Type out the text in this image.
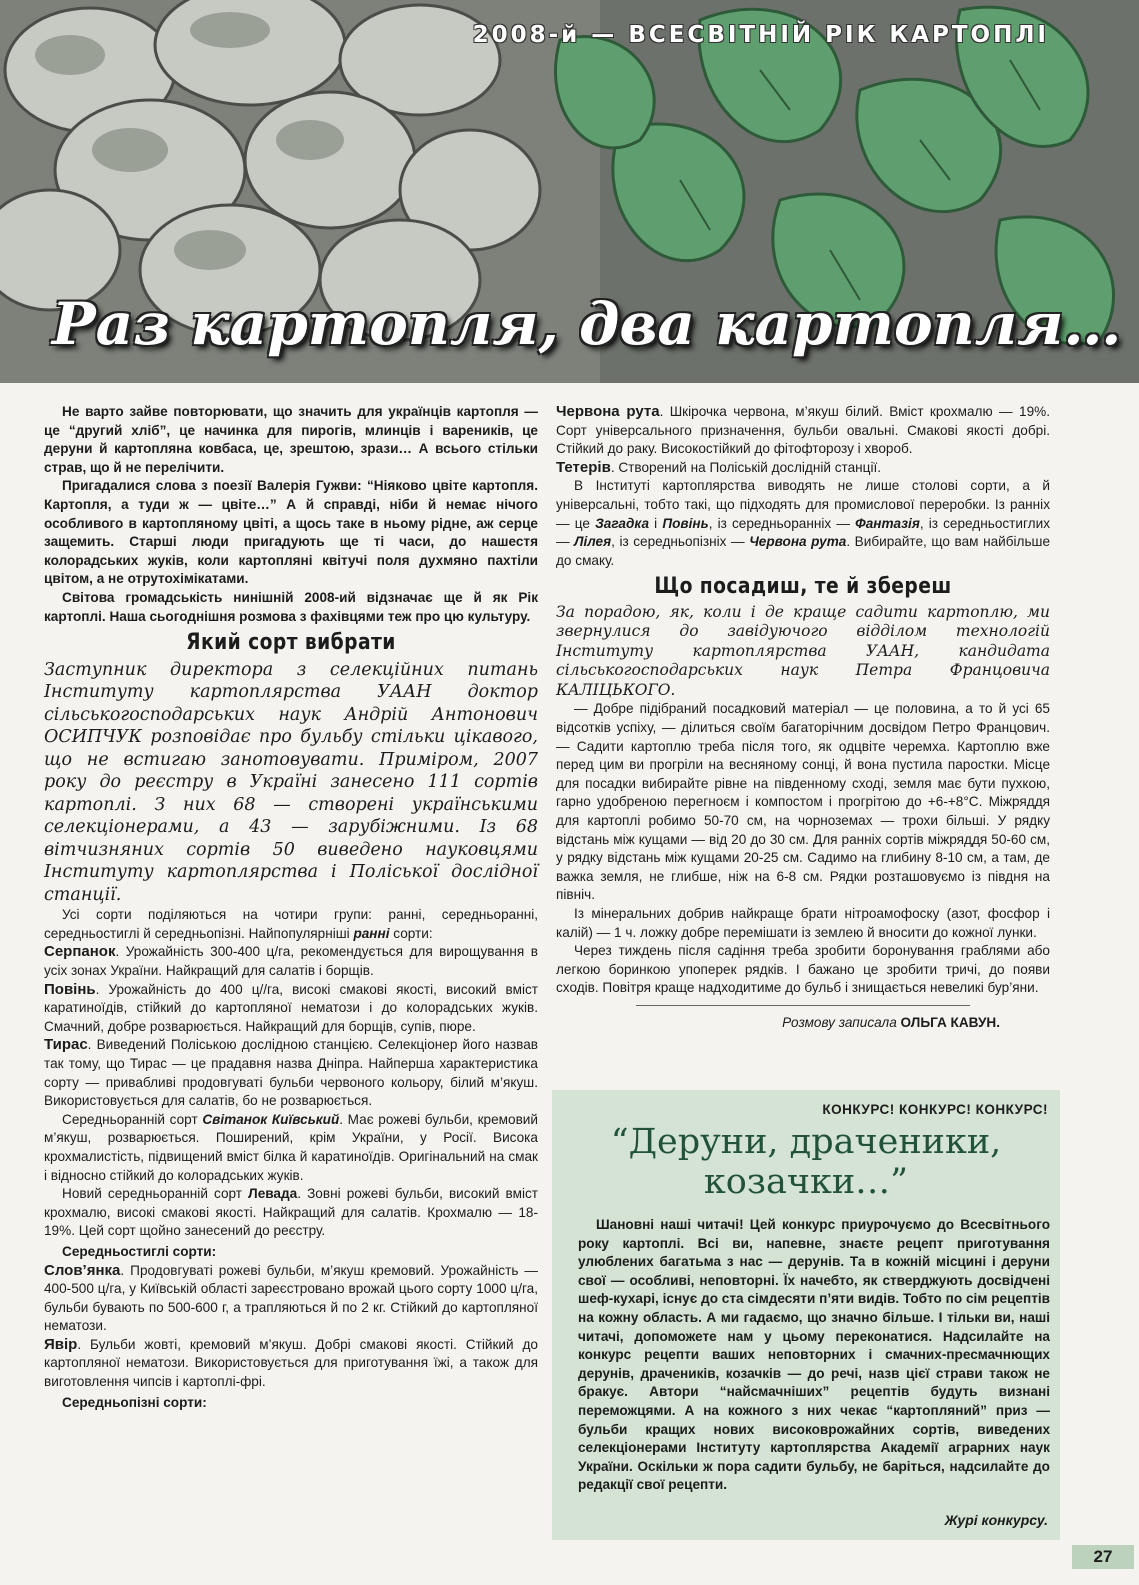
2008-й — ВСЕСВІТНІЙ РІК КАРТОПЛІ
Раз картопля, два картопля…

Не варто зайве повторювати, що значить для українців картопля — це “другий хліб”, це начинка для пирогів, млинців і вареників, це деруни й картопляна ковбаса, це, зрештою, зрази… А всього стільки страв, що й не перелічити.

Пригадалися слова з поезії Валерія Гужви: “Ніяково цвіте картопля. Картопля, а туди ж — цвіте…” А й справді, ніби й немає нічого особливого в картопляному цвіті, а щось таке в ньому рідне, аж серце защемить. Старші люди пригадують ще ті часи, до нашестя колорадських жуків, коли картопляні квітучі поля духмяно пахтіли цвітом, а не отрутохімікатами.

Світова громадськість нинішній 2008-ий відзначає ще й як Рік картоплі. Наша сьогоднішня розмова з фахівцями теж про цю культуру.

Який сорт вибрати

Заступник директора з селекційних питань Інституту картоплярства УААН доктор сільськогосподарських наук Андрій Антонович ОСИПЧУК розповідає про бульбу стільки цікавого, що не встигаю занотовувати. Приміром, 2007 року до реєстру в Україні занесено 111 сортів картоплі. З них 68 — створені українськими селекціонерами, а 43 — зарубіжними. Із 68 вітчизняних сортів 50 виведено науковцями Інституту картоплярства і Поліської дослідної станції.

Усі сорти поділяються на чотири групи: ранні, середньоранні, середньостиглі й середньопізні. Найпопулярніші ранні сорти:

Серпанок. Урожайність 300-400 ц/га, рекомендується для вирощування в усіх зонах України. Найкращий для салатів і борщів.

Повінь. Урожайність до 400 ц//га, високі смакові якості, високий вміст каратиноїдів, стійкий до картопляної нематози і до колорадських жуків. Смачний, добре розварюється. Найкращий для борщів, супів, пюре.

Тирас. Виведений Поліською дослідною станцією. Селекціонер його назвав так тому, що Тирас — це прадавня назва Дніпра. Найперша характеристика сорту — привабливі продовгуваті бульби червоного кольору, білий м’якуш. Використовується для салатів, бо не розварюється.

Середньоранній сорт Світанок Київський. Має рожеві бульби, кремовий м’якуш, розварюється. Поширений, крім України, у Росії. Висока крохмалистість, підвищений вміст білка й каратиноїдів. Оригінальний на смак і відносно стійкий до колорадських жуків.

Новий середньоранній сорт Левада. Зовні рожеві бульби, високий вміст крохмалю, високі смакові якості. Найкращий для салатів. Крохмалю — 18-19%. Цей сорт щойно занесений до реєстру.

Середньостиглі сорти:

Слов’янка. Продовгуваті рожеві бульби, м’якуш кремовий. Урожайність — 400-500 ц/га, у Київській області зареєстровано врожай цього сорту 1000 ц/га, бульби бувають по 500-600 г, а трапляються й по 2 кг. Стійкий до картопляної нематози.

Явір. Бульби жовті, кремовий м’якуш. Добрі смакові якості. Стійкий до картопляної нематози. Використовується для приготування їжі, а також для виготовлення чипсів і картоплі-фрі.

Середньопізні сорти:

Червона рута. Шкірочка червона, м’якуш білий. Вміст крохмалю — 19%. Сорт універсального призначення, бульби овальні. Смакові якості добрі. Стійкий до раку. Високостійкий до фітофторозу і хвороб.

Тетерів. Створений на Поліській дослідній станції.

В Інституті картоплярства виводять не лише столові сорти, а й універсальні, тобто такі, що підходять для промислової переробки. Із ранніх — це Загадка і Повінь, із середньоранніх — Фантазія, із середньостиглих — Лілея, із середньопізніх — Червона рута. Вибирайте, що вам найбільше до смаку.

Що посадиш, те й збереш

За порадою, як, коли і де краще садити картоплю, ми звернулися до завідуючого відділом технологій Інституту картоплярства УААН, кандидата сільськогосподарських наук Петра Францовича КАЛІЦЬКОГО.

— Добре підібраний посадковий матеріал — це половина, а то й усі 65 відсотків успіху, — ділиться своїм багаторічним досвідом Петро Францович. — Садити картоплю треба після того, як одцвіте черемха. Картоплю вже перед цим ви прогріли на весняному сонці, й вона пустила паростки. Місце для посадки вибирайте рівне на південному сході, земля має бути пухкою, гарно удобреною перегноєм і компостом і прогрітою до +6-+8°С. Міжряддя для картоплі робимо 50-70 см, на чорноземах — трохи більші. У рядку відстань між кущами — від 20 до 30 см. Для ранніх сортів міжряддя 50-60 см, у рядку відстань між кущами 20-25 см. Садимо на глибину 8-10 см, а там, де важка земля, не глибше, ніж на 6-8 см. Рядки розташовуємо із півдня на північ.

Із мінеральних добрив найкраще брати нітроамофоску (азот, фосфор і калій) — 1 ч. ложку добре перемішати із землею й вносити до кожної лунки.

Через тиждень після садіння треба зробити боронування граблями або легкою боринкою упоперек рядків. І бажано це зробити тричі, до появи сходів. Повітря краще надходитиме до бульб і знищається невеликі бур’яни.

Розмову записала ОЛЬГА КАВУН.

КОНКУРС! КОНКУРС! КОНКУРС!
“Деруни, драченики, козачки…”

Шановні наші читачі! Цей конкурс приурочуємо до Всесвітнього року картоплі. Всі ви, напевне, знаєте рецепт приготування улюблених багатьма з нас — дерунів. Та в кожній місцині і деруни свої — особливі, неповторні. Їх начебто, як стверджують досвідчені шеф-кухарі, існує до ста сімдесяти п’яти видів. Тобто по сім рецептів на кожну область. А ми гадаємо, що значно більше. І тільки ви, наші читачі, допоможете нам у цьому переконатися. Надсилайте на конкурс рецепти ваших неповторних і смачних-пресмачнющих дерунів, драчеників, козачків — до речі, назв цієї страви також не бракує. Автори “найсмачніших” рецептів будуть визнані переможцями. А на кожного з них чекає “картопляний” приз — бульби кращих нових високоврожайних сортів, виведених селекціонерами Інституту картоплярства Академії аграрних наук України. Оскільки ж пора садити бульбу, не баріться, надсилайте до редакції свої рецепти.

Журі конкурсу.
27
